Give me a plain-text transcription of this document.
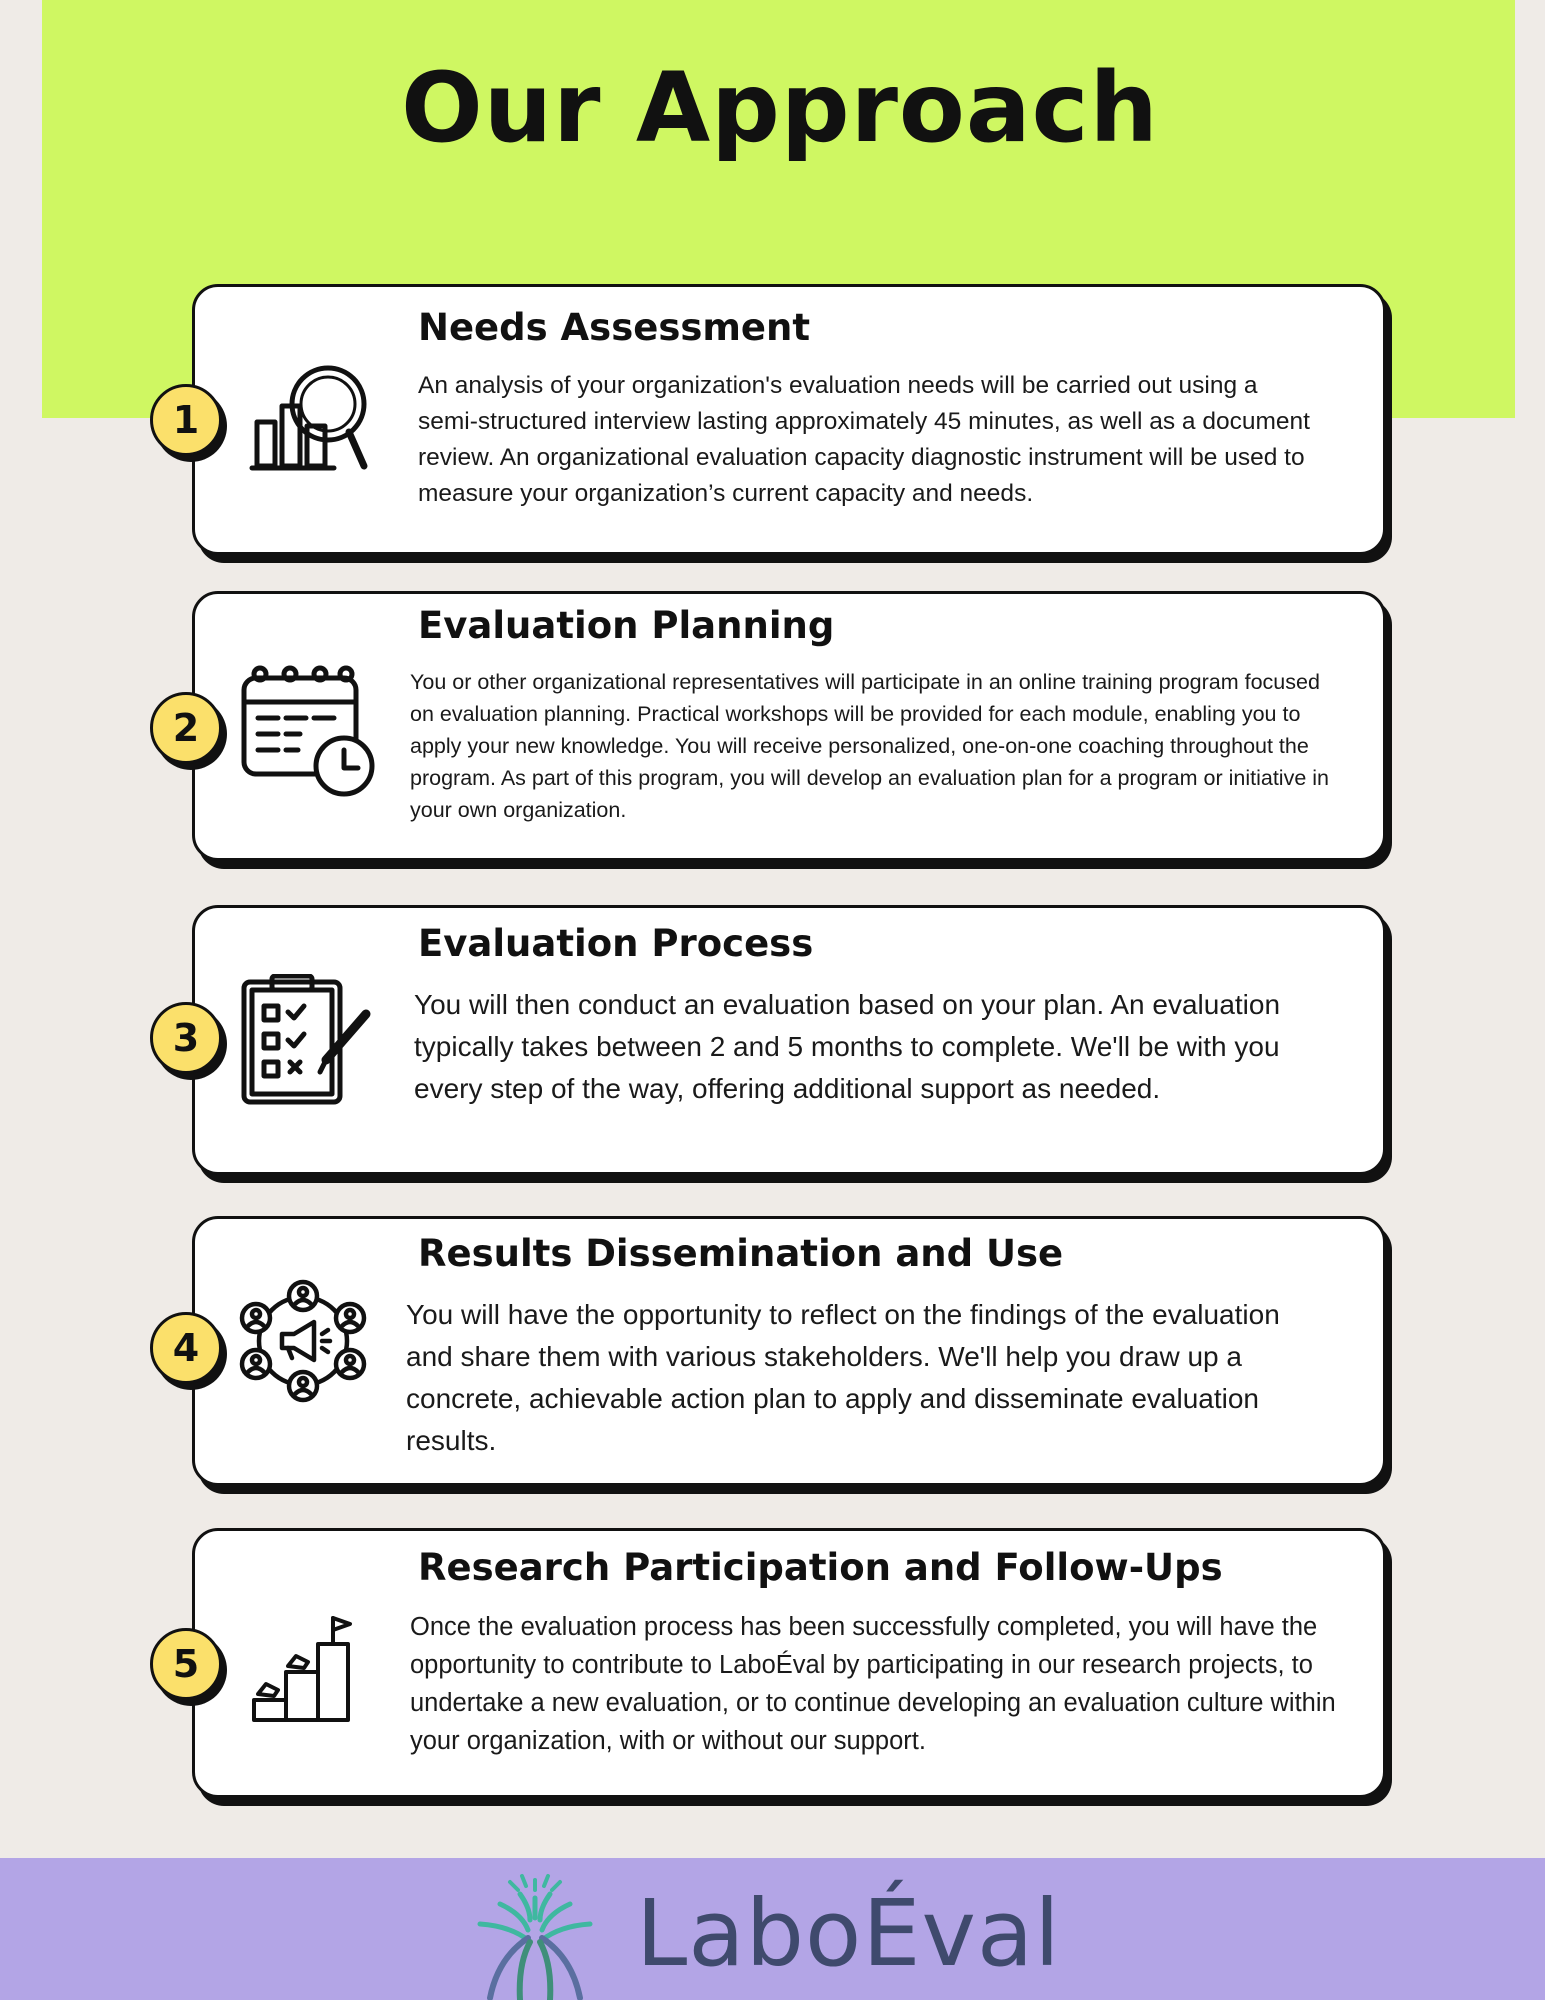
Our Approach
1
Needs Assessment
An analysis of your organization's evaluation needs will be carried out using a semi-structured interview lasting approximately 45 minutes, as well as a document review. An organizational evaluation capacity diagnostic instrument will be used to measure your organization’s current capacity and needs.
2
Evaluation Planning
You or other organizational representatives will participate in an online training program focused on evaluation planning. Practical workshops will be provided for each module, enabling you to apply your new knowledge. You will receive personalized, one-on-one coaching throughout the program. As part of this program, you will develop an evaluation plan for a program or initiative in your own organization.
3
Evaluation Process
You will then conduct an evaluation based on your plan. An evaluation typically takes between 2 and 5 months to complete. We'll be with you every step of the way, offering additional support as needed.
4
Results Dissemination and Use
You will have the opportunity to reflect on the findings of the evaluation and share them with various stakeholders. We'll help you draw up a concrete, achievable action plan to apply and disseminate evaluation results.
5
Research Participation and Follow-Ups
Once the evaluation process has been successfully completed, you will have the opportunity to contribute to LaboÉval by participating in our research projects, to undertake a new evaluation, or to continue developing an evaluation culture within your organization, with or without our support.
LaboÉval
